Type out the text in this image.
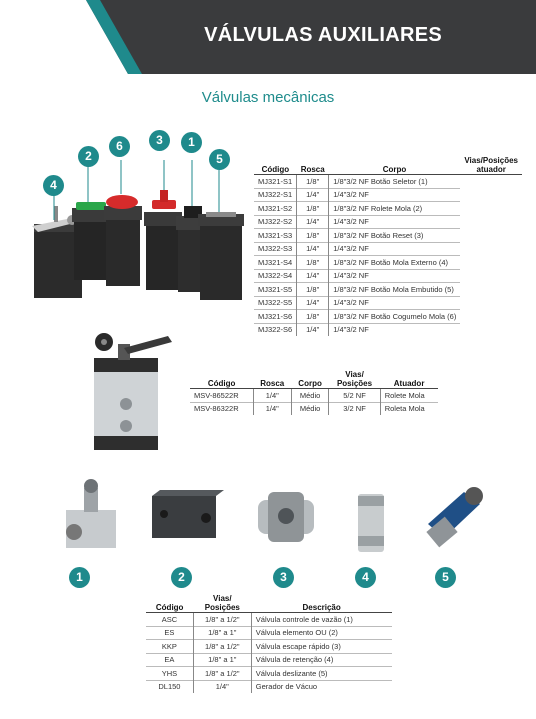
VÁLVULAS AUXILIARES
Válvulas mecânicas
4
2
6	3	1
5
Código	Rosca	Corpo	Vias/Posições atuador
MJ321-S1	1/8"	1/8"3/2 NF Botão Seletor (1)	
MJ322-S1	1/4"	1/4"3/2 NF	
MJ321-S2	1/8"	1/8"3/2 NF Rolete Mola (2)	
MJ322-S2	1/4"	1/4"3/2 NF	
MJ321-S3	1/8"	1/8"3/2 NF Botão Reset (3)	
MJ322-S3	1/4"	1/4"3/2 NF	
MJ321-S4	1/8"	1/8"3/2 NF Botão Mola Externo (4)	
MJ322-S4	1/4"	1/4"3/2 NF	
MJ321-S5	1/8"	1/8"3/2 NF Botão Mola Embutido (5)	
MJ322-S5	1/4"	1/4"3/2 NF	
MJ321-S6	1/8"	1/8"3/2 NF Botão Cogumelo Mola (6)	
MJ322-S6	1/4"	1/4"3/2 NF	
Código	Rosca	Corpo	Vias/
Posições	Atuador
MSV-86522R	1/4"	Médio	5/2 NF	Rolete Mola
MSV-86322R	1/4"	Médio	3/2 NF	Roleta Mola
1	2	3	4	5
Código	Vias/
Posições	Descrição
ASC	1/8" a 1/2"	Válvula controle de vazão (1)
ES	1/8" a 1"	Válvula elemento OU (2)
KKP	1/8" a 1/2"	Válvula escape rápido (3)
EA	1/8" a 1"	Válvula de retenção (4)
YHS	1/8" a 1/2"	Válvula deslizante (5)
DL150	1/4"	Gerador de Vácuo
